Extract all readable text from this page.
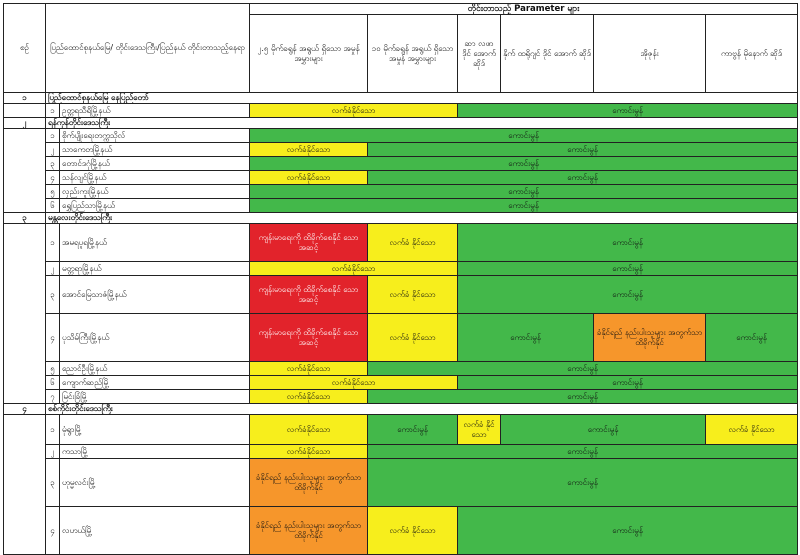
စဉ်	ပြည်ထောင်စုနယ်မြေ/ တိုင်းဒေသကြီး/ပြည်နယ် တိုင်းတာသည့်နေရာ		တိုင်းတာသည့် Parameter များ					
			၂.၅ မိုက်ခရွန် အရွယ် ရှိသော အမှုန် အမွှားများ	၁၀ မိုက်ခရွန် အရွယ် ရှိသော အမှုန် အမွှားများ	ဆာ လဖာ ဒိုင် အောက် ဆိုဒ်	နိုက် ထရိုဂျင် ဒိုင် အောက် ဆိုဒ်	အိုဇုန်း	ကာဗွန် မိုနောက် ဆိုဒ်
၁	ပြည်ထောင်စုနယ်မြေ နေပြည်တော်							
	၁	ဥတ္တရသီရိမြို့နယ်	လက်ခံနိုင်သော		ကောင်းမွန်			
၂	ရန်ကုန်တိုင်းဒေသကြီး							
	၁	စိုက်ပျိုးရေးတက္ကသိုလ်	ကောင်းမွန်					
	၂	သာကေတမြို့နယ်	လက်ခံနိုင်သော	ကောင်းမွန်				
	၃	တောင်ဒဂုံမြို့နယ်	ကောင်းမွန်					
	၄	သန်လျင်မြို့နယ်	လက်ခံနိုင်သော	ကောင်းမွန်				
	၅	လှည်းကူးမြို့နယ်	ကောင်းမွန်					
	၆	ရွှေပြည်သာမြို့နယ်	ကောင်းမွန်					
၃	မန္တလေးတိုင်းဒေသကြီး							
	၁	အမရပူရမြို့နယ်	ကျန်းမာရေးကို ထိခိုက်စေနိုင် သောအဆင့်	လက်ခံ နိုင်သော	ကောင်းမွန်			
	၂	မတ္တရာမြို့နယ်	လက်ခံနိုင်သော		ကောင်းမွန်			
	၃	အောင်မြေသာဇံမြို့နယ်	ကျန်းမာရေးကို ထိခိုက်စေနိုင် သောအဆင့်	လက်ခံ နိုင်သော	ကောင်းမွန်			
	၄	ပုသိမ်ကြီးမြို့နယ်	ကျန်းမာရေးကို ထိခိုက်စေနိုင် သောအဆင့်	လက်ခံ နိုင်သော	ကောင်းမွန်		ခံနိုင်ရည် နည်းပါးသူများ အတွက်သာ ထိခိုက်နိုင်	ကောင်းမွန်
	၅	ညောင်ဦးမြို့နယ်	လက်ခံနိုင်သော	ကောင်းမွန်				
	၆	ကျောက်ဆည်မြို့	လက်ခံနိုင်သော		ကောင်းမွန်			
	၇	မြင်းခြံမြို့	လက်ခံနိုင်သော	ကောင်းမွန်				
၄	စစ်ကိုင်းတိုင်းဒေသကြီး							
	၁	မုံရွာမြို့	လက်ခံနိုင်သော	ကောင်းမွန်	လက်ခံ နိုင်သော	ကောင်းမွန်		လက်ခံ နိုင်သော
	၂	ကသာမြို့	လက်ခံနိုင်သော	ကောင်းမွန်				
	၃	ဟုမ္မလင်းမြို့	ခံနိုင်ရည် နည်းပါးသူများ အတွက်သာ ထိခိုက်နိုင်	ကောင်းမွန်				
	၄	လဟယ်မြို့	ခံနိုင်ရည် နည်းပါးသူများ အတွက်သာ ထိခိုက်နိုင်	လက်ခံ နိုင်သော	ကောင်းမွန်			
